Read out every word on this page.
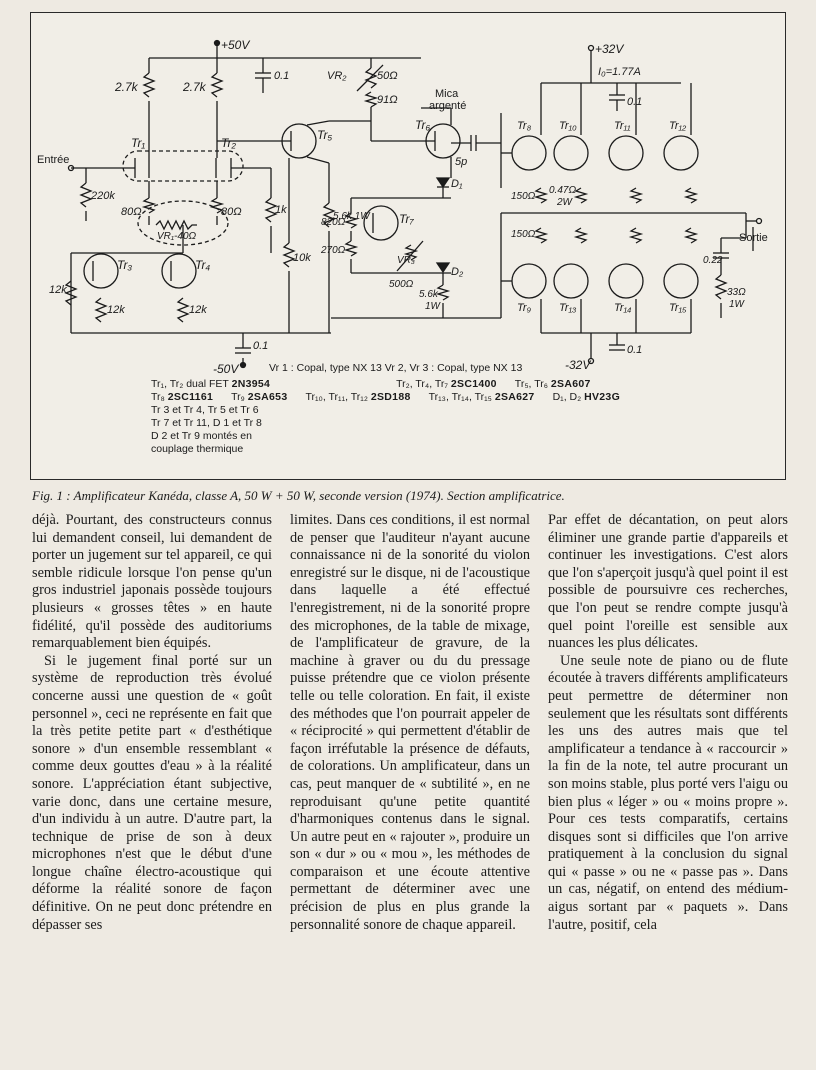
+50V	+32V
I₀=1.77A
-50V	-32V
Entrée
Sortie
Mica
argenté
2.7k	2.7k
0.1	VR₂	50Ω
91Ω
5p
220k
80Ω	80Ω
VR₁-40Ω
1k
10k
5.6k 1W
820Ω
270Ω
VR₃
500Ω
5.6k
1W
12k
12k	12k
0.1
0.1
0.1
150Ω
150Ω
0.47Ω
2W
0.22
33Ω
1W
D₁
D₂
Tr₁	Tr₂
Tr₃	Tr₄
Tr₅
Tr₆
Tr₇
Tr₈
Tr₉
Tr₁₀	Tr₁₁	Tr₁₂
Tr₁₃	Tr₁₄	Tr₁₅
Vr 1 : Copal, type NX 13 Vr 2, Vr 3 : Copal, type NX 13
Tr₁, Tr₂ dual FET 2N3954	Tr₂, Tr₄, Tr₇ 2SC1400 Tr₅, Tr₆ 2SA607
Tr₈ 2SC1161 Tr₉ 2SA653 Tr₁₀, Tr₁₁, Tr₁₂ 2SD188 Tr₁₃, Tr₁₄, Tr₁₅ 2SA627 D₁, D₂ HV23G
Tr 3 et Tr 4, Tr 5 et Tr 6
Tr 7 et Tr 11, D 1 et Tr 8
D 2 et Tr 9 montés en
couplage thermique
Fig. 1 : Amplificateur Kanéda, classe A, 50 W + 50 W, seconde version (1974). Section amplificatrice.

déjà. Pourtant, des constructeurs connus lui demandent conseil, lui demandent de porter un jugement sur tel appareil, ce qui semble ridicule lorsque l'on pense qu'un gros industriel japonais possède toujours plusieurs « grosses têtes » en haute fidélité, qu'il possède des auditoriums remarquablement bien équipés.

Si le jugement final porté sur un système de reproduction très évolué concerne aussi une question de « goût personnel », ceci ne représente en fait que la très petite petite part « d'esthétique sonore » d'un ensemble ressemblant « comme deux gouttes d'eau » à la réalité sonore. L'appréciation étant subjective, varie donc, dans une certaine mesure, d'un individu à un autre. D'autre part, la technique de prise de son à deux microphones n'est que le début d'une longue chaîne électro-acoustique qui déforme la réalité sonore de façon définitive. On ne peut donc prétendre en dépasser ses

limites. Dans ces conditions, il est normal de penser que l'auditeur n'ayant aucune connaissance ni de la sonorité du violon enregistré sur le disque, ni de l'acoustique dans laquelle a été effectué l'enregistrement, ni de la sonorité propre des microphones, de la table de mixage, de l'amplificateur de gravure, de la machine à graver ou du du pressage puisse prétendre que ce violon présente telle ou telle coloration. En fait, il existe des méthodes que l'on pourrait appeler de « réciprocité » qui permettent d'établir de façon irréfutable la présence de défauts, de colorations. Un amplificateur, dans un cas, peut manquer de « subtilité », en ne reproduisant qu'une petite quantité d'harmoniques contenus dans le signal. Un autre peut en « rajouter », produire un son « dur » ou « mou », les méthodes de comparaison et une écoute attentive permettant de déterminer avec une précision de plus en plus grande la personnalité sonore de chaque appareil.

Par effet de décantation, on peut alors éliminer une grande partie d'appareils et continuer les investigations. C'est alors que l'on s'aperçoit jusqu'à quel point il est possible de poursuivre ces recherches, que l'on peut se rendre compte jusqu'à quel point l'oreille est sensible aux nuances les plus délicates.

Une seule note de piano ou de flute écoutée à travers différents amplificateurs peut permettre de déterminer non seulement que les résultats sont différents les uns des autres mais que tel amplificateur a tendance à « raccourcir » la fin de la note, tel autre procurant un son moins stable, plus porté vers l'aigu ou bien plus « léger » ou « moins propre ». Pour ces tests comparatifs, certains disques sont si difficiles que l'on arrive pratiquement à la conclusion du signal qui « passe » ou ne « passe pas ». Dans un cas, négatif, on entend des médium-aigus sortant par « paquets ». Dans l'autre, positif, cela
